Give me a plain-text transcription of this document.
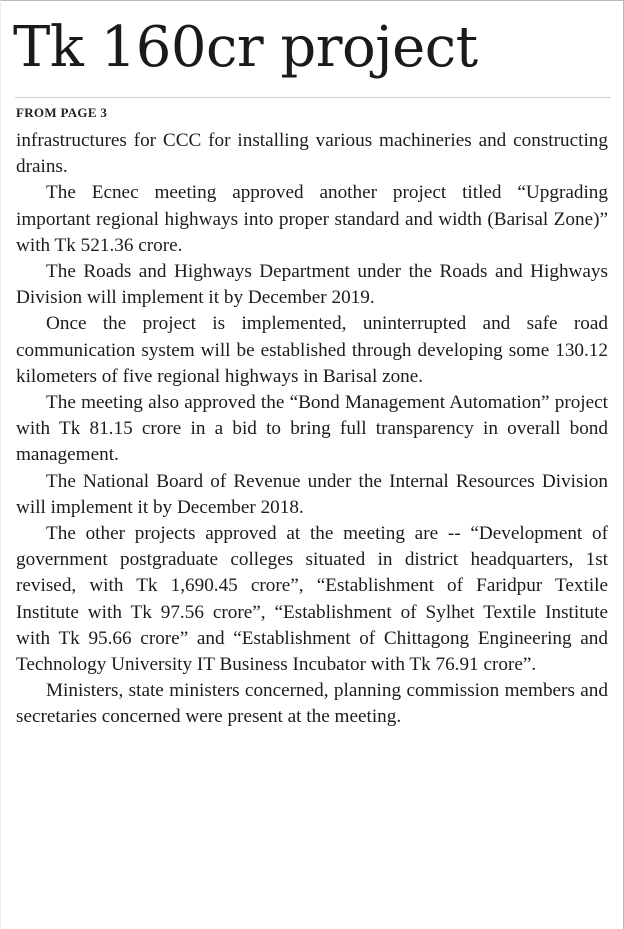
Tk 160cr project
FROM PAGE 3

infrastructures for CCC for installing various machineries and constructing drains.

The Ecnec meeting approved another project titled “Upgrading important regional highways into proper standard and width (Barisal Zone)” with Tk 521.36 crore.

The Roads and Highways Department under the Roads and Highways Division will implement it by December 2019.

Once the project is implemented, uninterrupted and safe road communication system will be established through developing some 130.12 kilometers of five regional highways in Barisal zone.

The meeting also approved the “Bond Management Automation” project with Tk 81.15 crore in a bid to bring full transparency in overall bond management.

The National Board of Revenue under the Internal Resources Division will implement it by December 2018.

The other projects approved at the meeting are -- “Development of government postgraduate colleges situated in district headquarters, 1st revised, with Tk 1,690.45 crore”, “Establishment of Faridpur Textile Institute with Tk 97.56 crore”, “Establishment of Sylhet Textile Institute with Tk 95.66 crore” and “Establishment of Chittagong Engineering and Technology University IT Business Incubator with Tk 76.91 crore”.

Ministers, state ministers concerned, planning commission members and secretaries concerned were present at the meeting.
